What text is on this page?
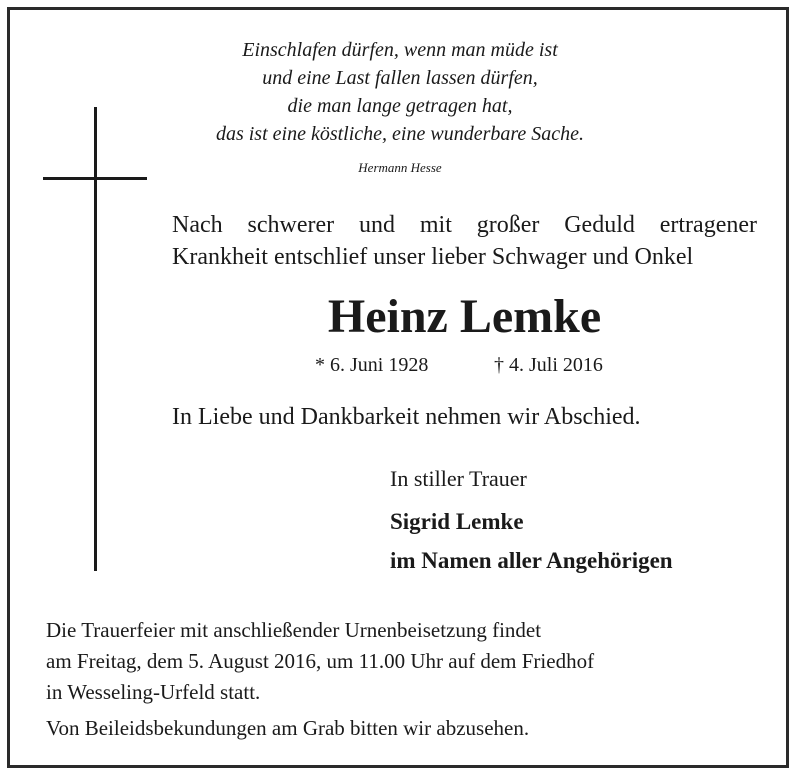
Einschlafen dürfen, wenn man müde ist
und eine Last fallen lassen dürfen,
die man lange getragen hat,
das ist eine köstliche, eine wunderbare Sache.
Hermann Hesse
Nach schwerer und mit großer Geduld ertragener
Krankheit entschlief unser lieber Schwager und Onkel
Heinz Lemke
* 6. Juni 1928	† 4. Juli 2016
In Liebe und Dankbarkeit nehmen wir Abschied.
In stiller Trauer
Sigrid Lemke
im Namen aller Angehörigen
Die Trauerfeier mit anschließender Urnenbeisetzung findet
am Freitag, dem 5. August 2016, um 11.00 Uhr auf dem Friedhof
in Wesseling-Urfeld statt.
Von Beileidsbekundungen am Grab bitten wir abzusehen.
